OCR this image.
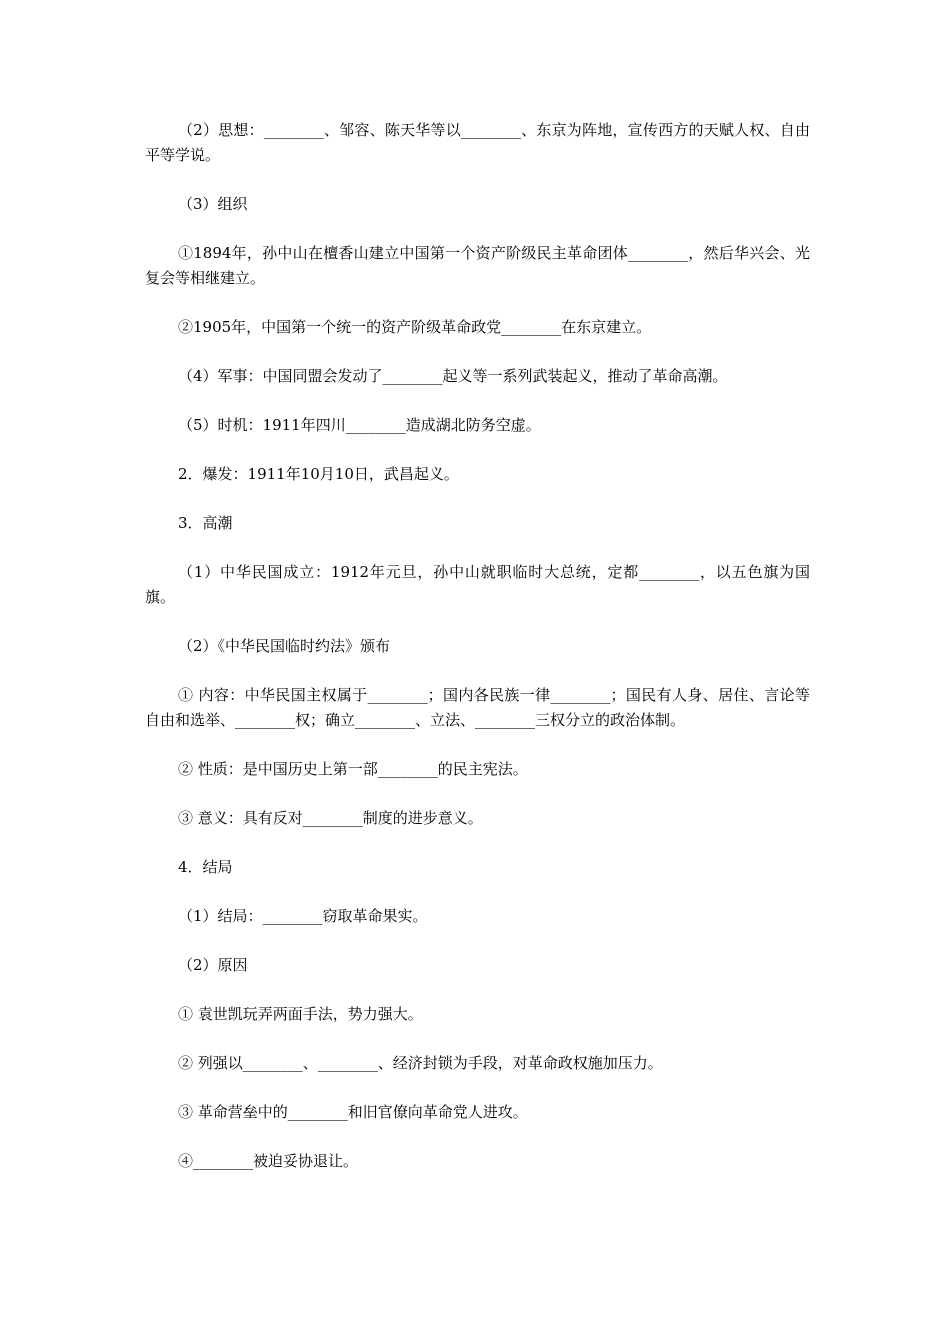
（2）思想：________、邹容、陈天华等以________、东京为阵地，宣传西方的天赋人权、自由平等学说。

（3）组织

①1894年，孙中山在檀香山建立中国第一个资产阶级民主革命团体________，然后华兴会、光复会等相继建立。

②1905年，中国第一个统一的资产阶级革命政党________在东京建立。

（4）军事：中国同盟会发动了________起义等一系列武装起义，推动了革命高潮。

（5）时机：1911年四川________造成湖北防务空虚。

2．爆发：1911年10月10日，武昌起义。

3．高潮

（1）中华民国成立：1912年元旦，孙中山就职临时大总统，定都________，以五色旗为国旗。

（2）《中华民国临时约法》颁布

① 内容：中华民国主权属于________；国内各民族一律________；国民有人身、居住、言论等自由和选举、________权；确立________、立法、________三权分立的政治体制。

② 性质：是中国历史上第一部________的民主宪法。

③ 意义：具有反对________制度的进步意义。

4．结局

（1）结局：________窃取革命果实。

（2）原因

① 袁世凯玩弄两面手法，势力强大。

② 列强以________、________、经济封锁为手段，对革命政权施加压力。

③ 革命营垒中的________和旧官僚向革命党人进攻。

④________被迫妥协退让。
